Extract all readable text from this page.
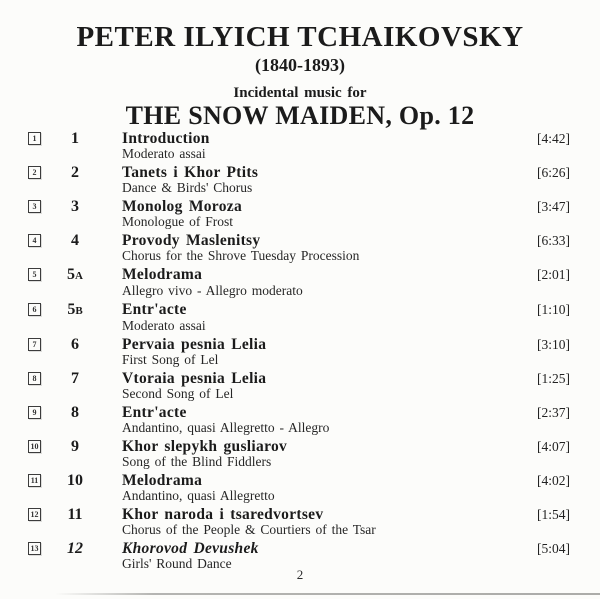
PETER ILYICH TCHAIKOVSKY
(1840-1893)
Incidental music for
THE SNOW MAIDEN, Op. 12
1	1	Introduction	[4:42]
Moderato assai
2	2	Tanets i Khor Ptits	[6:26]
Dance & Birds' Chorus
3	3	Monolog Moroza	[3:47]
Monologue of Frost
4	4	Provody Maslenitsy	[6:33]
Chorus for the Shrove Tuesday Procession
5	5A	Melodrama	[2:01]
Allegro vivo - Allegro moderato
6	5B	Entr'acte	[1:10]
Moderato assai
7	6	Pervaia pesnia Lelia	[3:10]
First Song of Lel
8	7	Vtoraia pesnia Lelia	[1:25]
Second Song of Lel
9	8	Entr'acte	[2:37]
Andantino, quasi Allegretto - Allegro
10	9	Khor slepykh gusliarov	[4:07]
Song of the Blind Fiddlers
11	10	Melodrama	[4:02]
Andantino, quasi Allegretto
12	11	Khor naroda i tsaredvortsev	[1:54]
Chorus of the People & Courtiers of the Tsar
13	12	Khorovod Devushek	[5:04]
Girls' Round Dance
2
